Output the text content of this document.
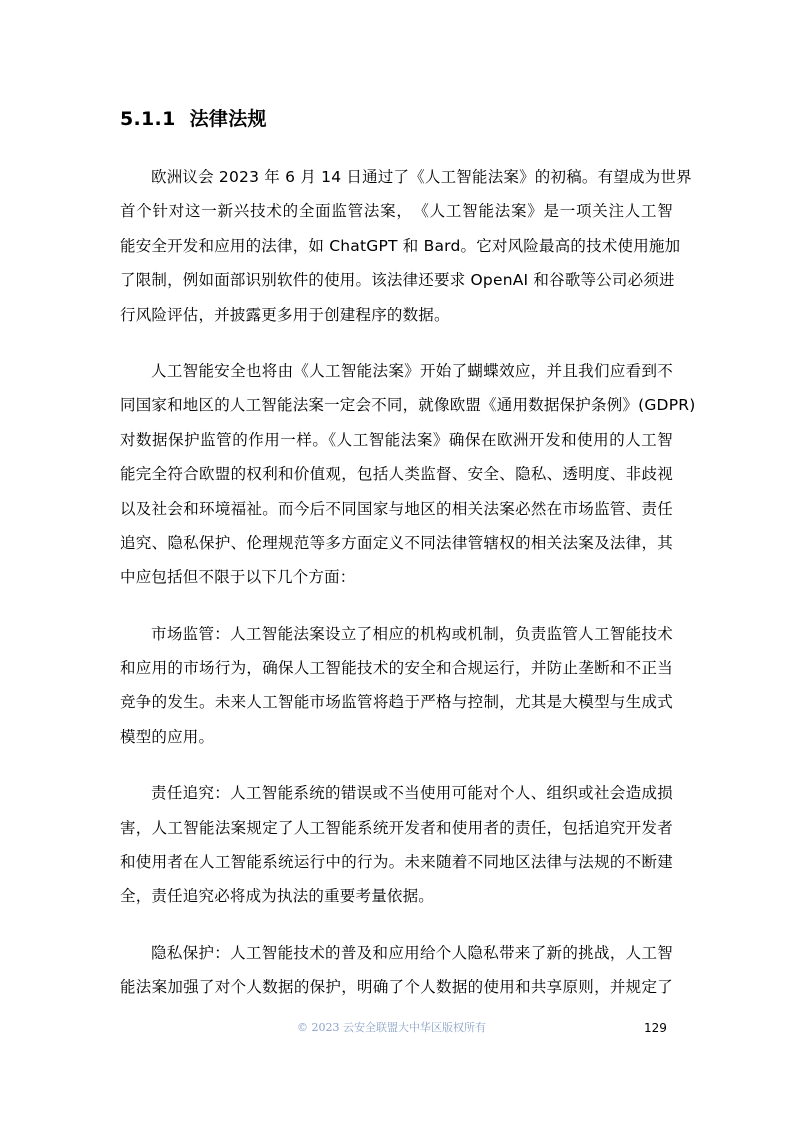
5.1.1 法律法规
欧洲议会 2023 年 6 月 14 日通过了《人工智能法案》的初稿。有望成为世界
首个针对这一新兴技术的全面监管法案，　《人工智能法案》是一项关注人工智
能安全开发和应用的法律，如 ChatGPT 和 Bard。它对风险最高的技术使用施加
了限制，例如面部识别软件的使用。该法律还要求 OpenAI 和谷歌等公司必须进
行风险评估，并披露更多用于创建程序的数据。
人工智能安全也将由《人工智能法案》开始了蝴蝶效应，并且我们应看到不
同国家和地区的人工智能法案一定会不同，就像欧盟《通用数据保护条例》(GDPR)
对数据保护监管的作用一样。《人工智能法案》确保在欧洲开发和使用的人工智
能完全符合欧盟的权利和价值观，包括人类监督、安全、隐私、透明度、非歧视
以及社会和环境福祉。而今后不同国家与地区的相关法案必然在市场监管、责任
追究、隐私保护、伦理规范等多方面定义不同法律管辖权的相关法案及法律，其
中应包括但不限于以下几个方面：
市场监管：人工智能法案设立了相应的机构或机制，负责监管人工智能技术
和应用的市场行为，确保人工智能技术的安全和合规运行，并防止垄断和不正当
竞争的发生。未来人工智能市场监管将趋于严格与控制，尤其是大模型与生成式
模型的应用。
责任追究：人工智能系统的错误或不当使用可能对个人、组织或社会造成损
害，人工智能法案规定了人工智能系统开发者和使用者的责任，包括追究开发者
和使用者在人工智能系统运行中的行为。未来随着不同地区法律与法规的不断建
全，责任追究必将成为执法的重要考量依据。
隐私保护：人工智能技术的普及和应用给个人隐私带来了新的挑战，人工智
能法案加强了对个人数据的保护，明确了个人数据的使用和共享原则，并规定了
© 2023 云安全联盟大中华区版权所有	129
